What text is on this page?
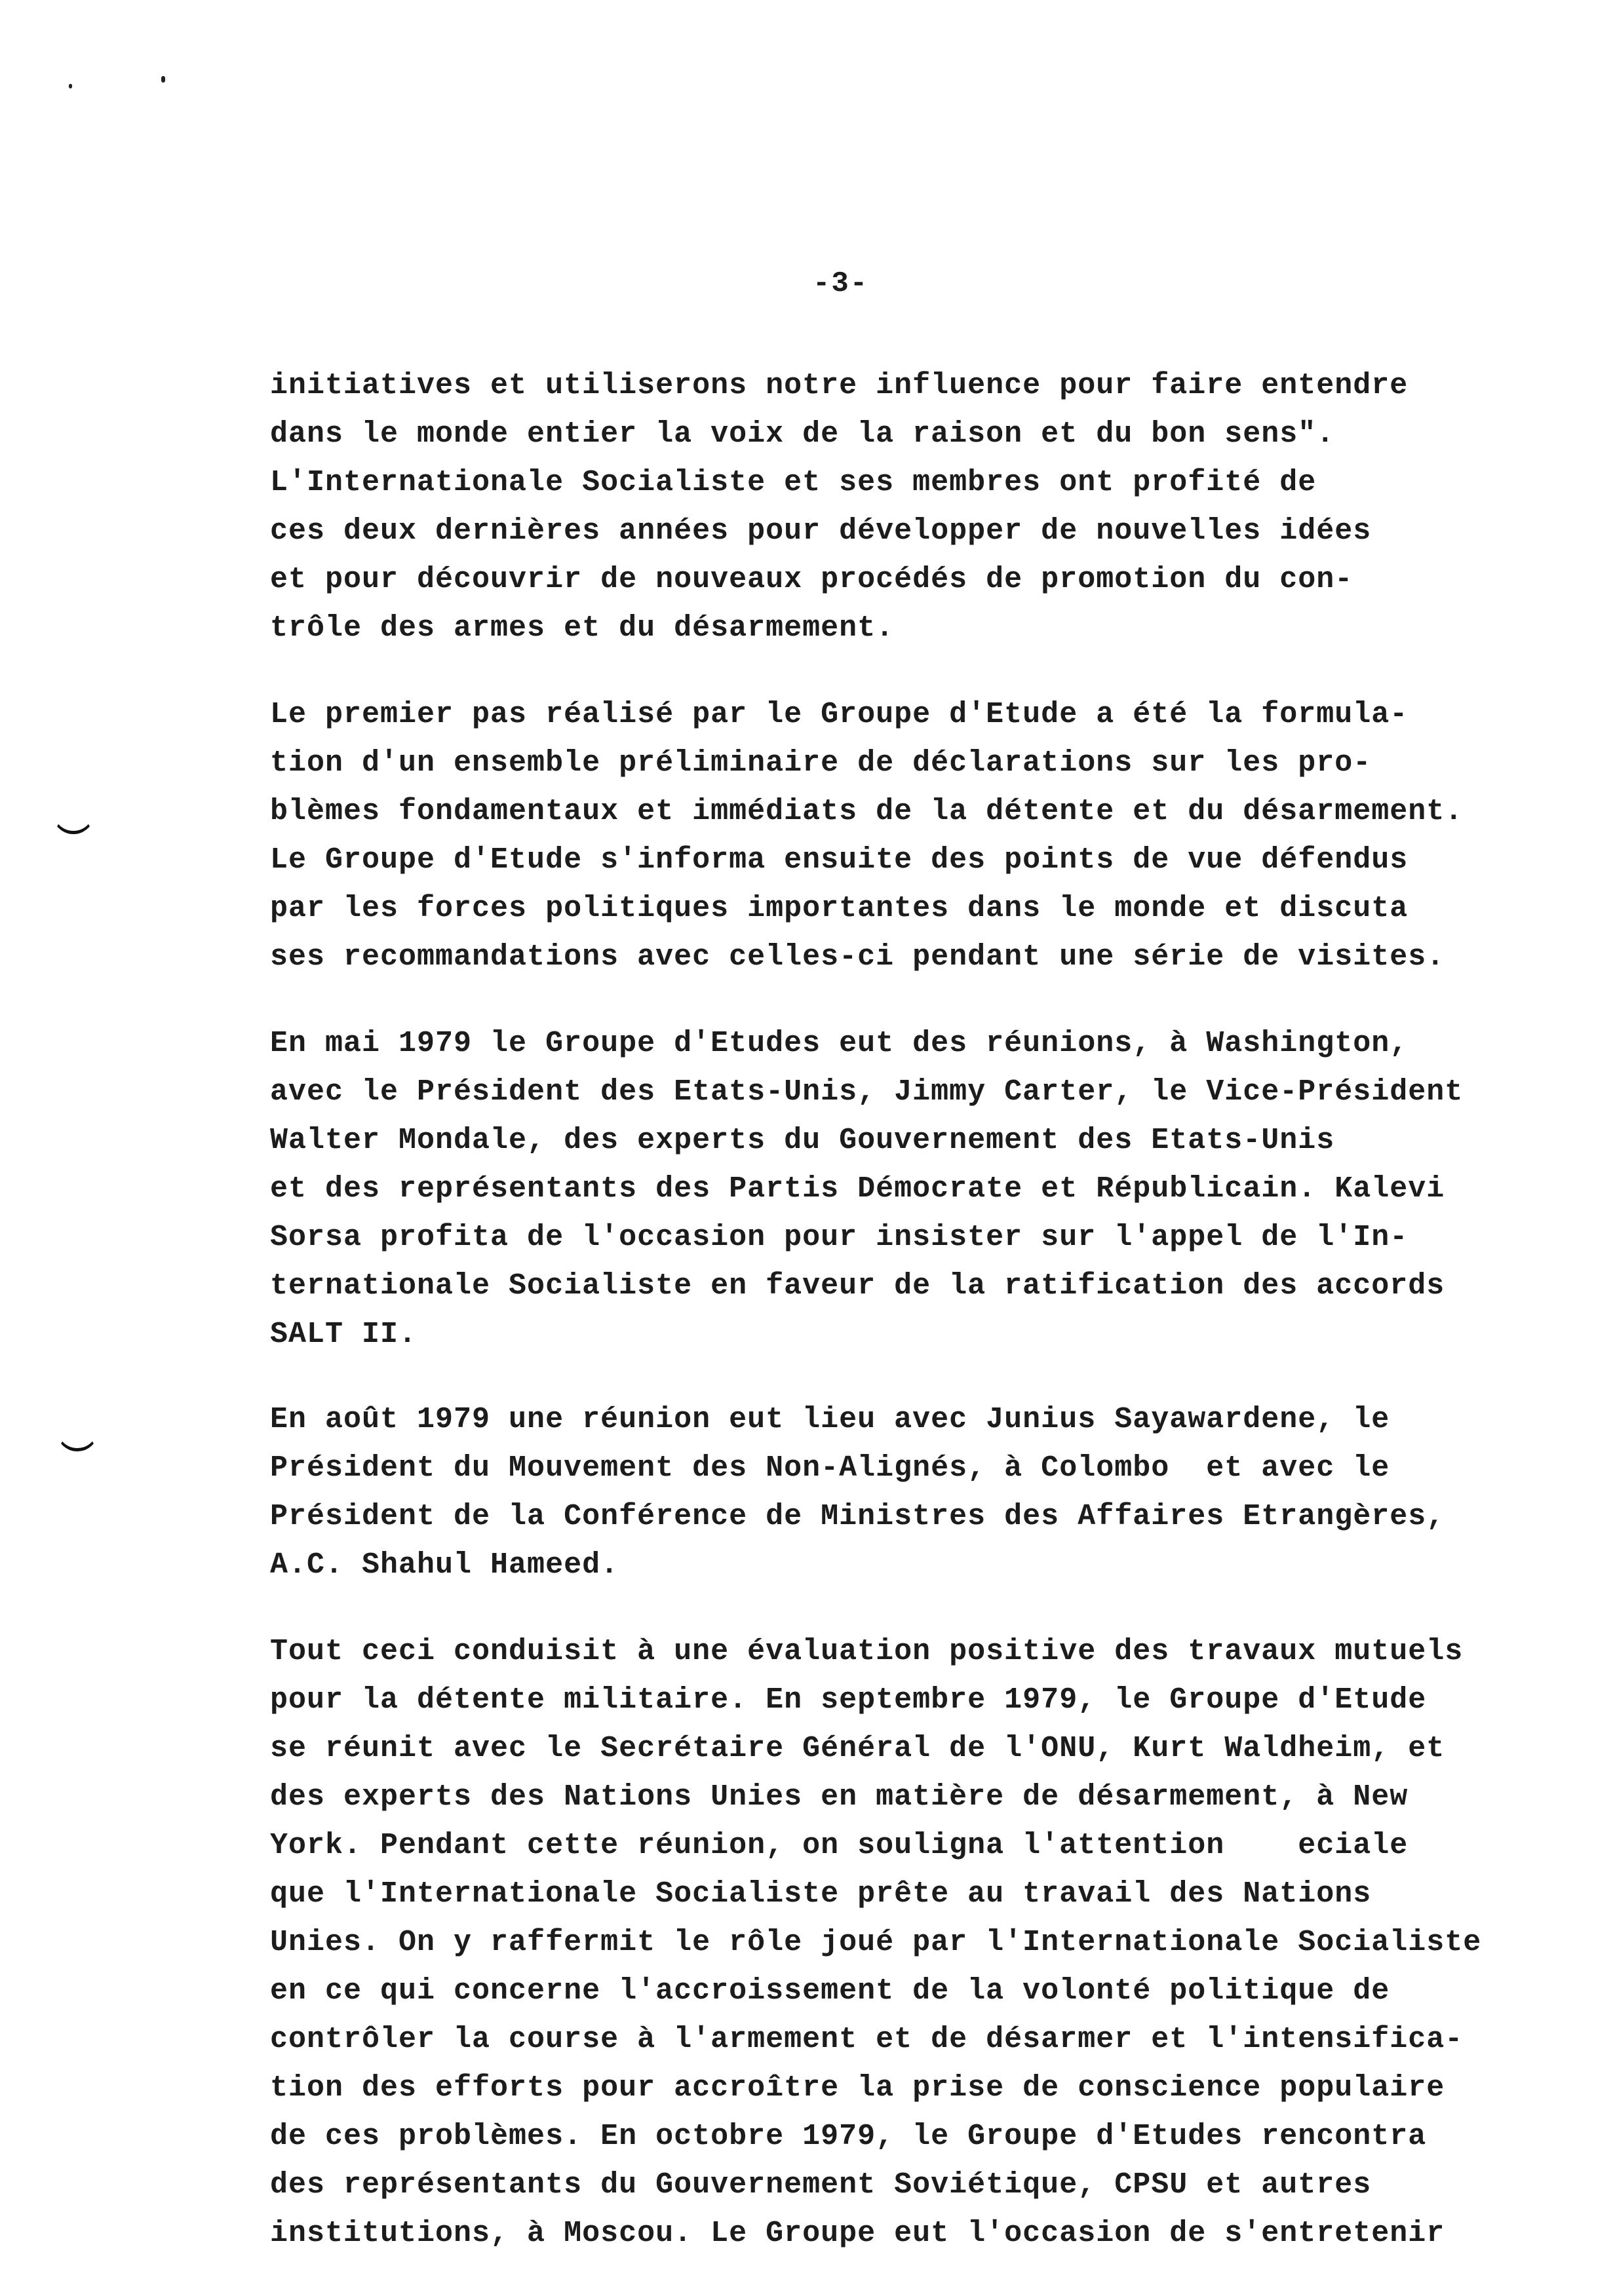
-3-
initiatives et utiliserons notre influence pour faire entendre
dans le monde entier la voix de la raison et du bon sens".
L'Internationale Socialiste et ses membres ont profité de
ces deux dernières années pour développer de nouvelles idées
et pour découvrir de nouveaux procédés de promotion du con-
trôle des armes et du désarmement.
Le premier pas réalisé par le Groupe d'Etude a été la formula-
tion d'un ensemble préliminaire de déclarations sur les pro-
blèmes fondamentaux et immédiats de la détente et du désarmement.
Le Groupe d'Etude s'informa ensuite des points de vue défendus
par les forces politiques importantes dans le monde et discuta
ses recommandations avec celles-ci pendant une série de visites.
En mai 1979 le Groupe d'Etudes eut des réunions, à Washington,
avec le Président des Etats-Unis, Jimmy Carter, le Vice-Président
Walter Mondale, des experts du Gouvernement des Etats-Unis
et des représentants des Partis Démocrate et Républicain. Kalevi
Sorsa profita de l'occasion pour insister sur l'appel de l'In-
ternationale Socialiste en faveur de la ratification des accords
SALT II.
En août 1979 une réunion eut lieu avec Junius Sayawardene, le
Président du Mouvement des Non-Alignés, à Colombo  et avec le
Président de la Conférence de Ministres des Affaires Etrangères,
A.C. Shahul Hameed.
Tout ceci conduisit à une évaluation positive des travaux mutuels
pour la détente militaire. En septembre 1979, le Groupe d'Etude
se réunit avec le Secrétaire Général de l'ONU, Kurt Waldheim, et
des experts des Nations Unies en matière de désarmement, à New
York. Pendant cette réunion, on souligna l'attention    eciale
que l'Internationale Socialiste prête au travail des Nations
Unies. On y raffermit le rôle joué par l'Internationale Socialiste
en ce qui concerne l'accroissement de la volonté politique de
contrôler la course à l'armement et de désarmer et l'intensifica-
tion des efforts pour accroître la prise de conscience populaire
de ces problèmes. En octobre 1979, le Groupe d'Etudes rencontra
des représentants du Gouvernement Soviétique, CPSU et autres
institutions, à Moscou. Le Groupe eut l'occasion de s'entretenir
